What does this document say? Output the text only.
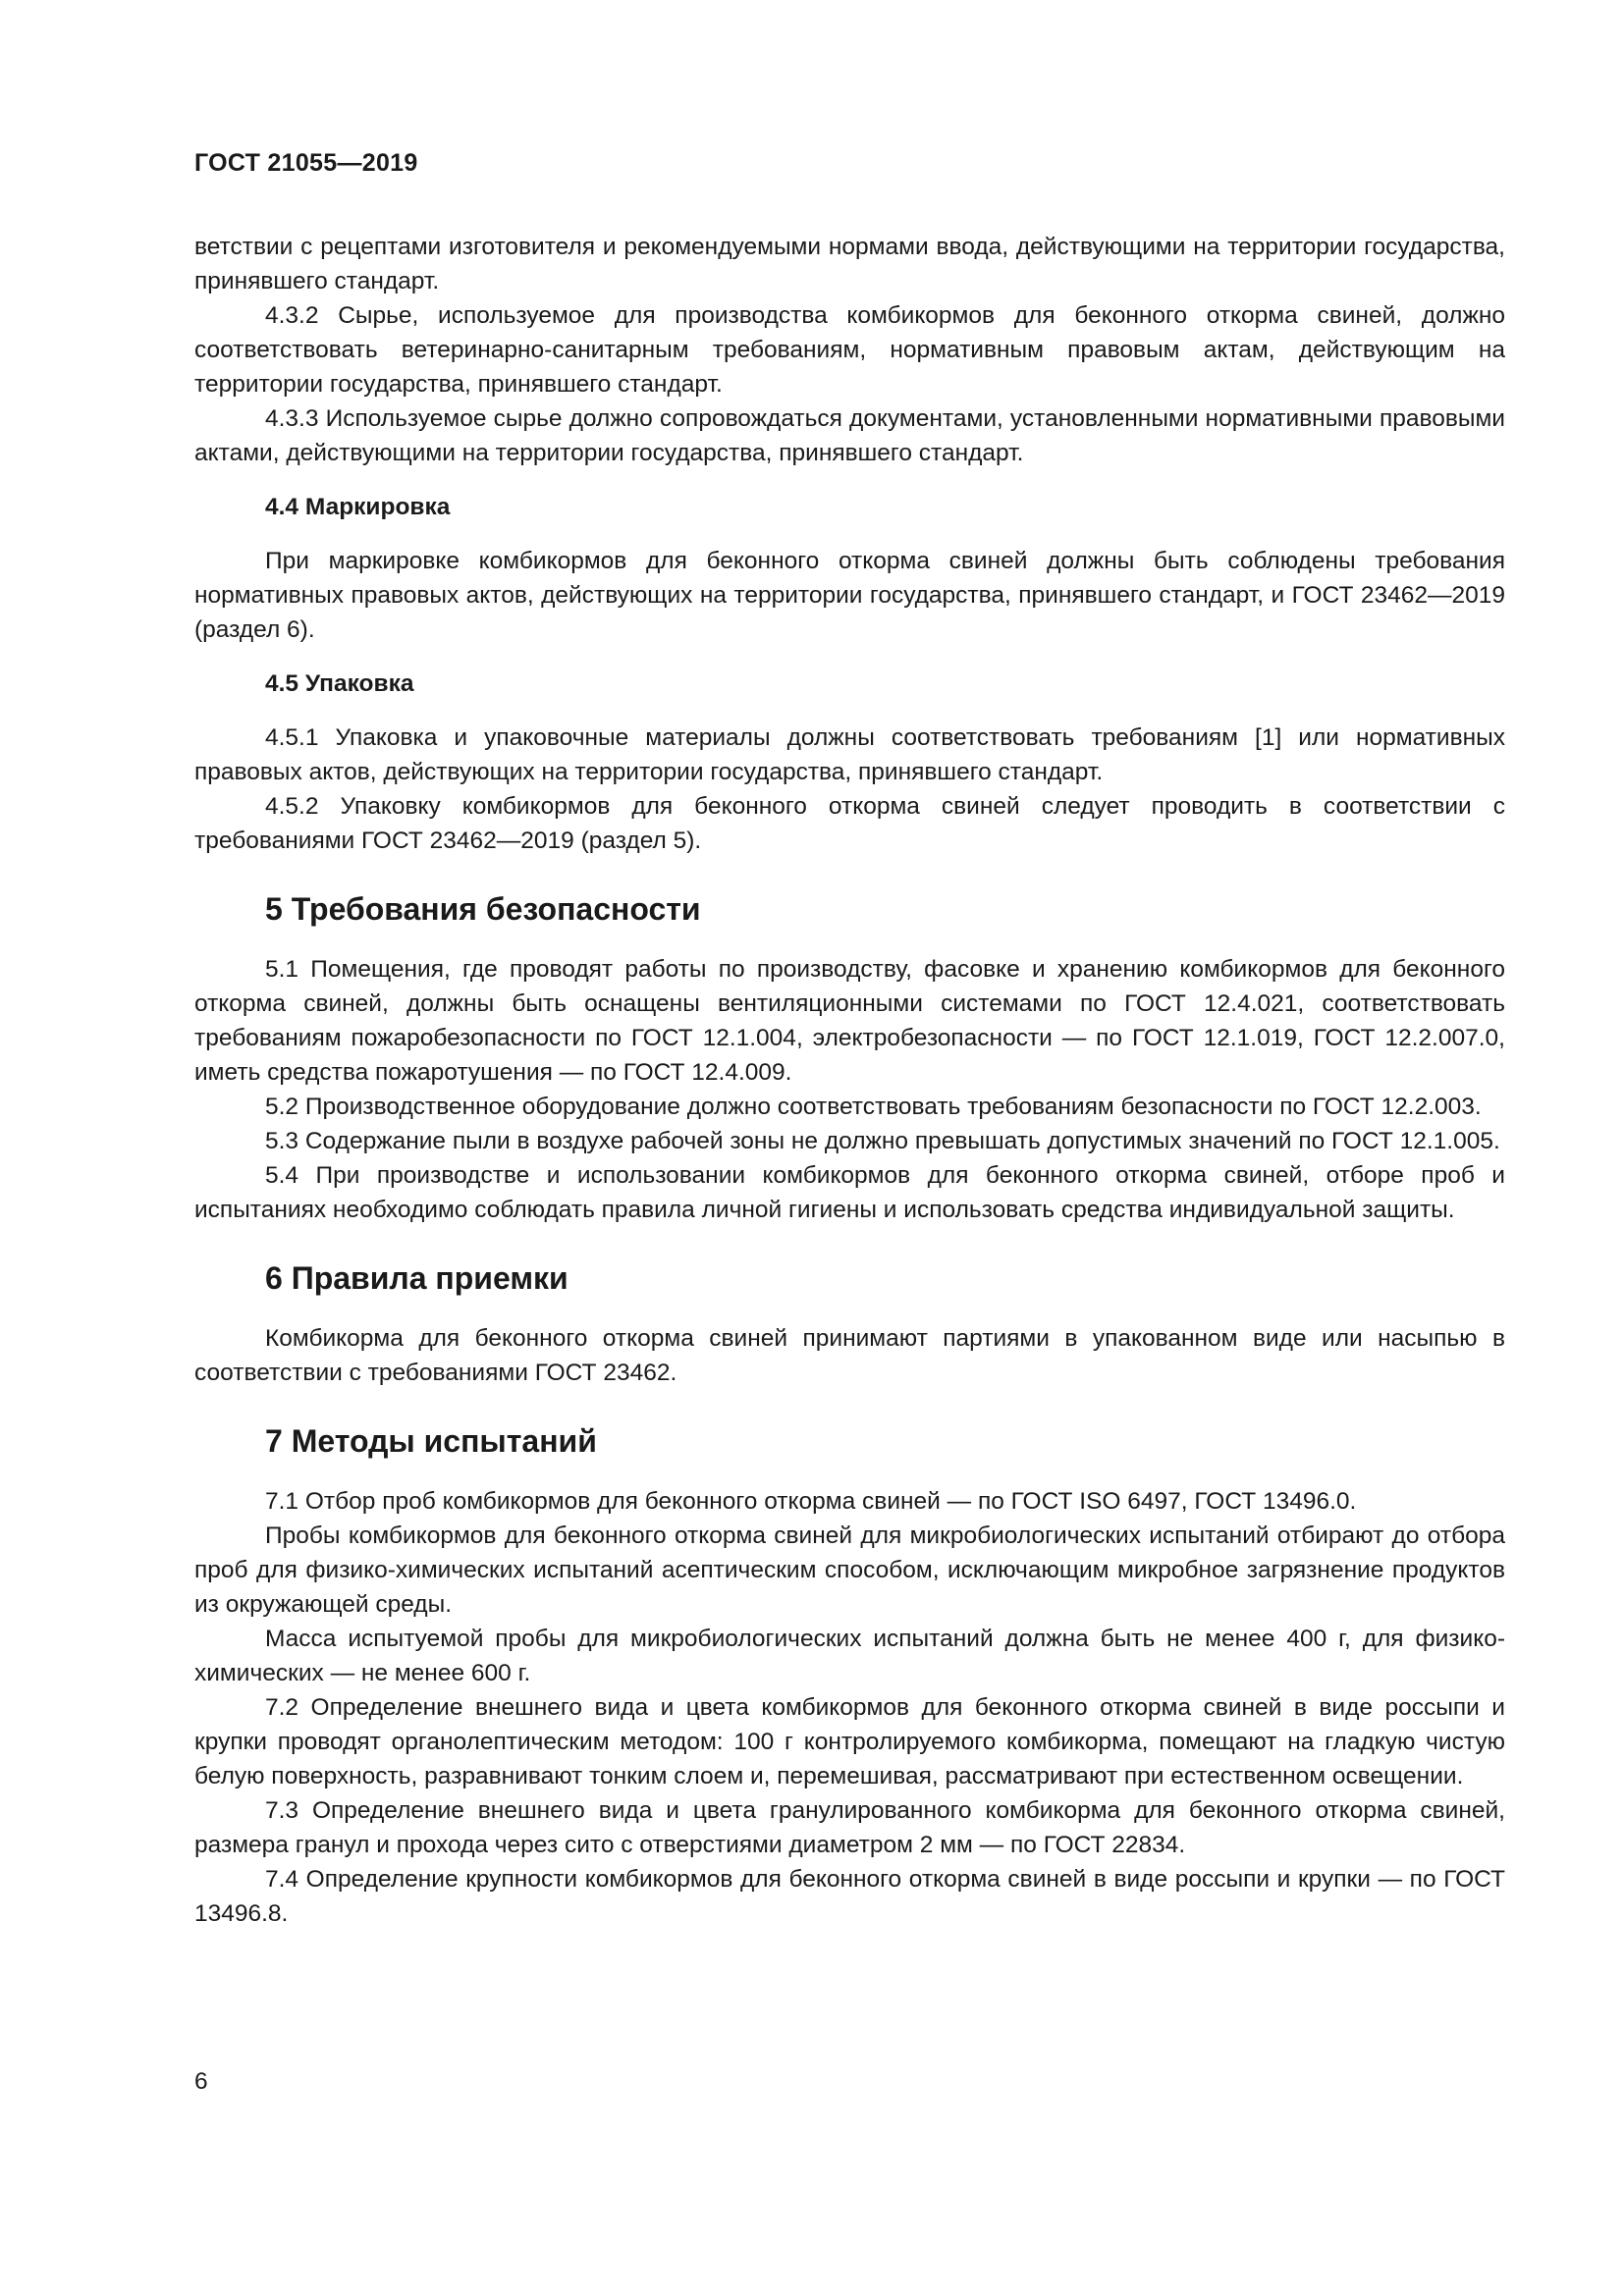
ГОСТ 21055—2019

ветствии с рецептами изготовителя и рекомендуемыми нормами ввода, действующими на территории государства, принявшего стандарт.

4.3.2 Сырье, используемое для производства комбикормов для беконного откорма свиней, должно соответствовать ветеринарно-санитарным требованиям, нормативным правовым актам, действующим на территории государства, принявшего стандарт.

4.3.3 Используемое сырье должно сопровождаться документами, установленными нормативными правовыми актами, действующими на территории государства, принявшего стандарт.

4.4 Маркировка

При маркировке комбикормов для беконного откорма свиней должны быть соблюдены требования нормативных правовых актов, действующих на территории государства, принявшего стандарт, и ГОСТ 23462—2019 (раздел 6).

4.5 Упаковка

4.5.1 Упаковка и упаковочные материалы должны соответствовать требованиям [1] или нормативных правовых актов, действующих на территории государства, принявшего стандарт.

4.5.2 Упаковку комбикормов для беконного откорма свиней следует проводить в соответствии с требованиями ГОСТ 23462—2019 (раздел 5).

5 Требования безопасности

5.1 Помещения, где проводят работы по производству, фасовке и хранению комбикормов для беконного откорма свиней, должны быть оснащены вентиляционными системами по ГОСТ 12.4.021, соответствовать требованиям пожаробезопасности по ГОСТ 12.1.004, электробезопасности — по ГОСТ 12.1.019, ГОСТ 12.2.007.0, иметь средства пожаротушения — по ГОСТ 12.4.009.

5.2 Производственное оборудование должно соответствовать требованиям безопасности по ГОСТ 12.2.003.

5.3 Содержание пыли в воздухе рабочей зоны не должно превышать допустимых значений по ГОСТ 12.1.005.

5.4 При производстве и использовании комбикормов для беконного откорма свиней, отборе проб и испытаниях необходимо соблюдать правила личной гигиены и использовать средства индивидуальной защиты.

6 Правила приемки

Комбикорма для беконного откорма свиней принимают партиями в упакованном виде или насыпью в соответствии с требованиями ГОСТ 23462.

7 Методы испытаний

7.1 Отбор проб комбикормов для беконного откорма свиней — по ГОСТ ISO 6497, ГОСТ 13496.0.

Пробы комбикормов для беконного откорма свиней для микробиологических испытаний отбирают до отбора проб для физико-химических испытаний асептическим способом, исключающим микробное загрязнение продуктов из окружающей среды.

Масса испытуемой пробы для микробиологических испытаний должна быть не менее 400 г, для физико-химических — не менее 600 г.

7.2 Определение внешнего вида и цвета комбикормов для беконного откорма свиней в виде россыпи и крупки проводят органолептическим методом: 100 г контролируемого комбикорма, помещают на гладкую чистую белую поверхность, разравнивают тонким слоем и, перемешивая, рассматривают при естественном освещении.

7.3 Определение внешнего вида и цвета гранулированного комбикорма для беконного откорма свиней, размера гранул и прохода через сито с отверстиями диаметром 2 мм — по ГОСТ 22834.

7.4 Определение крупности комбикормов для беконного откорма свиней в виде россыпи и крупки — по ГОСТ 13496.8.

6
